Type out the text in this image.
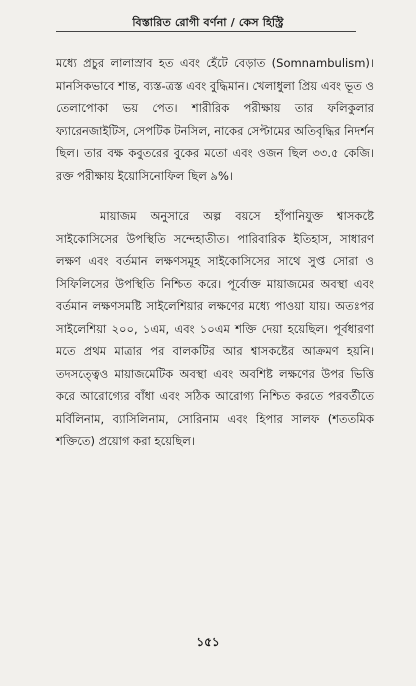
বিস্তারিত রোগী বর্ণনা / কেস হিস্ট্রি

মধ্যে প্রচুর লালাস্রাব হত এবং হেঁটে বেড়াত (Somnambulism)। মানসিকভাবে শান্ত, ব্যস্ত-ত্রস্ত এবং বুদ্ধিমান। খেলাধুলা প্রিয় এবং ভূত ও তেলাপোকা ভয় পেত। শারীরিক পরীক্ষায় তার ফলিকুলার ফ্যারেনজাইটিস, সেপটিক টনসিল, নাকের সেপ্টামের অতিবৃদ্ধির নিদর্শন ছিল। তার বক্ষ কবুতরের বুকের মতো এবং ওজন ছিল ৩৩.৫ কেজি। রক্ত পরীক্ষায় ইয়োসিনোফিল ছিল ৯%।

মায়াজম অনুসারে অল্প বয়সে হাঁপানিযুক্ত শ্বাসকষ্টে সাইকোসিসের উপস্থিতি সন্দেহাতীত। পারিবারিক ইতিহাস, সাধারণ লক্ষণ এবং বর্তমান লক্ষণসমূহ সাইকোসিসের সাথে সুপ্ত সোরা ও সিফিলিসের উপস্থিতি নিশ্চিত করে। পূর্বোক্ত মায়াজমের অবস্থা এবং বর্তমান লক্ষণসমষ্টি সাইলেশিয়ার লক্ষণের মধ্যে পাওয়া যায়। অতঃপর সাইলেশিয়া ২০০, ১এম, এবং ১০এম শক্তি দেয়া হয়েছিল। পূর্বধারণা মতে প্রথম মাত্রার পর বালকটির আর শ্বাসকষ্টের আক্রমণ হয়নি। তদসত্ত্বেও মায়াজমেটিক অবস্থা এবং অবশিষ্ট লক্ষণের উপর ভিত্তি করে আরোগ্যের বাঁধা এবং সঠিক আরোগ্য নিশ্চিত করতে পরবর্তীতে মর্বিলিনাম, ব্যাসিলিনাম, সোরিনাম এবং হিপার সালফ (শততমিক শক্তিতে) প্রয়োগ করা হয়েছিল।

১৫১
